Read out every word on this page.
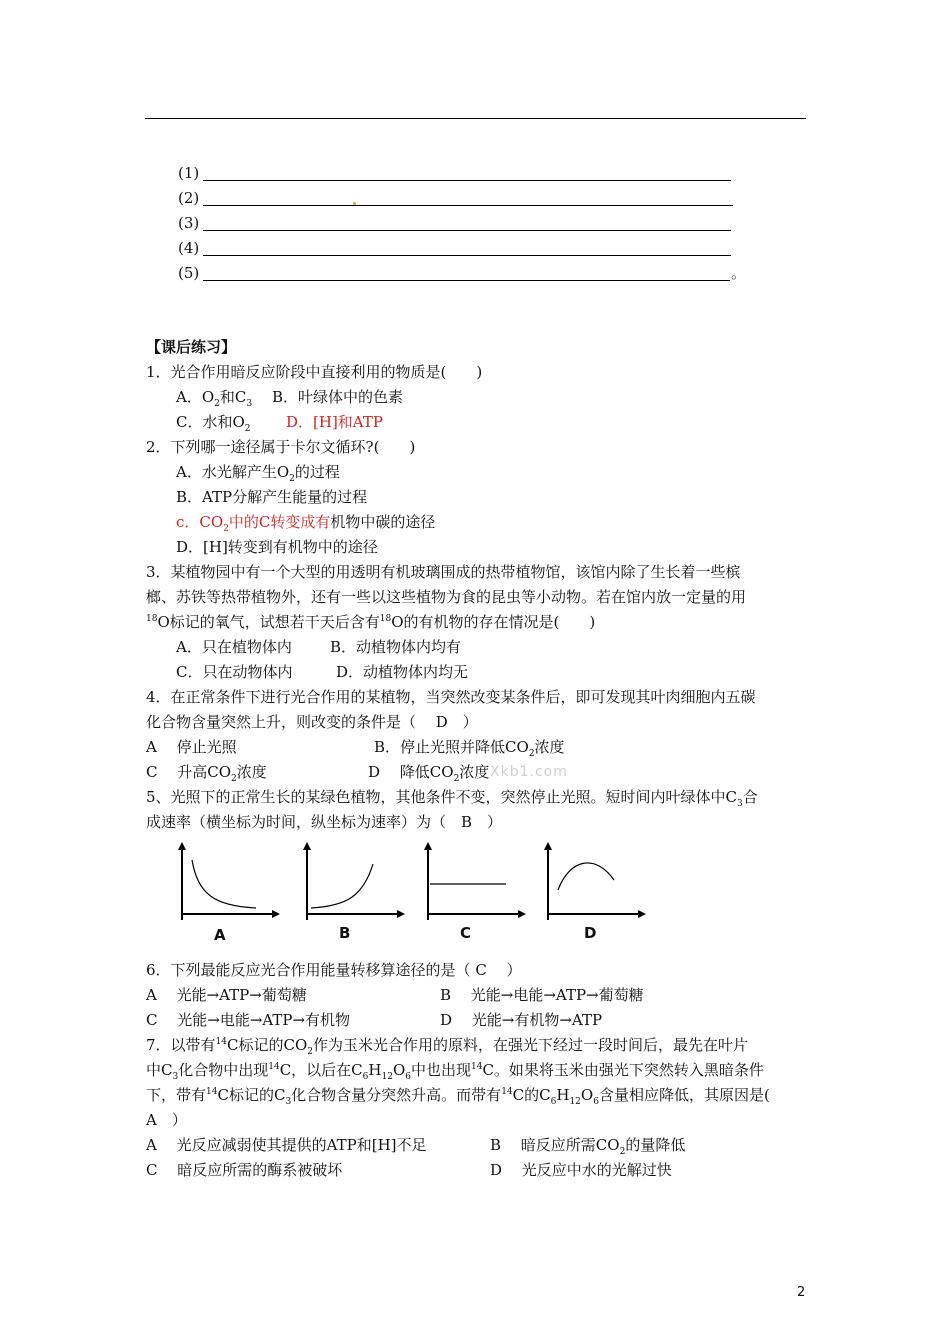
(1)
(2)
(3)
(4)
(5)	。
【课后练习】
1．光合作用暗反应阶段中直接利用的物质是(　　)
A．$O_2$和$C_3$ B．叶绿体中的色素
C．水和$O_2$ D．[H]和ATP
2．下列哪一途径属于卡尔文循环?(　　)
A．水光解产生$O_2$的过程
B．ATP分解产生能量的过程
c．$CO_2$中的C转变成有机物中碳的途径
D．[H]转变到有机物中的途径
3．某植物园中有一个大型的用透明有机玻璃围成的热带植物馆，该馆内除了生长着一些槟
榔、苏铁等热带植物外，还有一些以这些植物为食的昆虫等小动物。若在馆内放一定量的用
$^{18}$O标记的氧气，试想若干天后含有$^{18}$O的有机物的存在情况是(　　)
A．只在植物体内	B．动植物体内均有
C．只在动物体内	D．动植物体内均无
4．在正常条件下进行光合作用的某植物，当突然改变某条件后，即可发现其叶肉细胞内五碳
化合物含量突然上升，则改变的条件是（　 D　）
A　 停止光照	B．停止光照并降低$CO_2$浓度
C　 升高$CO_2$浓度	D　 降低$CO_2$浓度 Xkb1.com
5、光照下的正常生长的某绿色植物，其他条件不变，突然停止光照。短时间内叶绿体中$C_3$合
成速率（横坐标为时间，纵坐标为速率）为（　B　）
A	B	C	D
6．下列最能反应光合作用能量转移算途径的是（ C　 ）
A　 光能→ATP→葡萄糖	B　 光能→电能→ATP→葡萄糖
C　 光能→电能→ATP→有机物	D　 光能→有机物→ATP
7．以带有$^{14}$C标记的$CO_2$作为玉米光合作用的原料，在强光下经过一段时间后，最先在叶片
中$C_3$化合物中出现$^{14}$C，以后在$C_6H_{12}O_6$中也出现$^{14}$C。如果将玉米由强光下突然转入黑暗条件
下，带有$^{14}$C标记的$C_3$化合物含量分突然升高。而带有$^{14}$C的$C_6H_{12}O_6$含量相应降低，其原因是(
A　）
A　 光反应减弱使其提供的ATP和[H]不足	B　 暗反应所需$CO_2$的量降低
C　 暗反应所需的酶系被破坏	D　 光反应中水的光解过快
2
